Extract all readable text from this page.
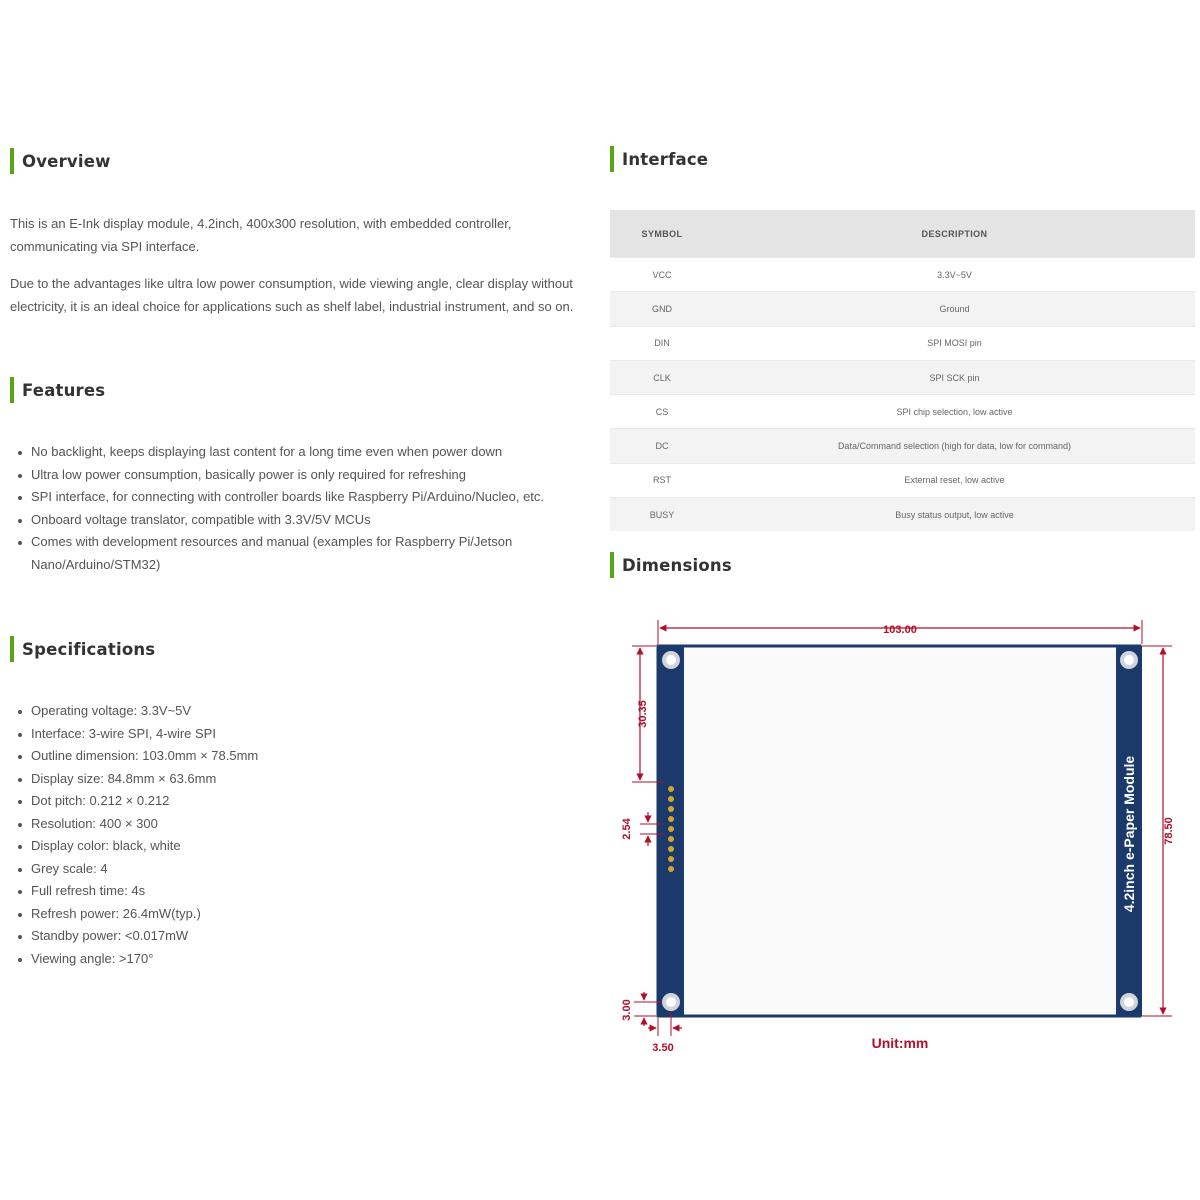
Overview

This is an E-Ink display module, 4.2inch, 400x300 resolution, with embedded controller, communicating via SPI interface.

Due to the advantages like ultra low power consumption, wide viewing angle, clear display without electricity, it is an ideal choice for applications such as shelf label, industrial instrument, and so on.

Features
No backlight, keeps displaying last content for a long time even when power down
Ultra low power consumption, basically power is only required for refreshing
SPI interface, for connecting with controller boards like Raspberry Pi/Arduino/Nucleo, etc.
Onboard voltage translator, compatible with 3.3V/5V MCUs
Comes with development resources and manual (examples for Raspberry Pi/Jetson Nano/Arduino/STM32)
Specifications
Operating voltage: 3.3V~5V
Interface: 3-wire SPI, 4-wire SPI
Outline dimension: 103.0mm × 78.5mm
Display size: 84.8mm × 63.6mm
Dot pitch: 0.212 × 0.212
Resolution: 400 × 300
Display color: black, white
Grey scale: 4
Full refresh time: 4s
Refresh power: 26.4mW(typ.)
Standby power: <0.017mW
Viewing angle: >170°
Interface
SYMBOL	DESCRIPTION
VCC	3.3V~5V
GND	Ground
DIN	SPI MOSI pin
CLK	SPI SCK pin
CS	SPI chip selection, low active
DC	Data/Command selection (high for data, low for command)
RST	External reset, low active
BUSY	Busy status output, low active
Dimensions
4.2inch e-Paper Module
103.00
78.50
30.35
2.54
3.00
3.50	Unit:mm
